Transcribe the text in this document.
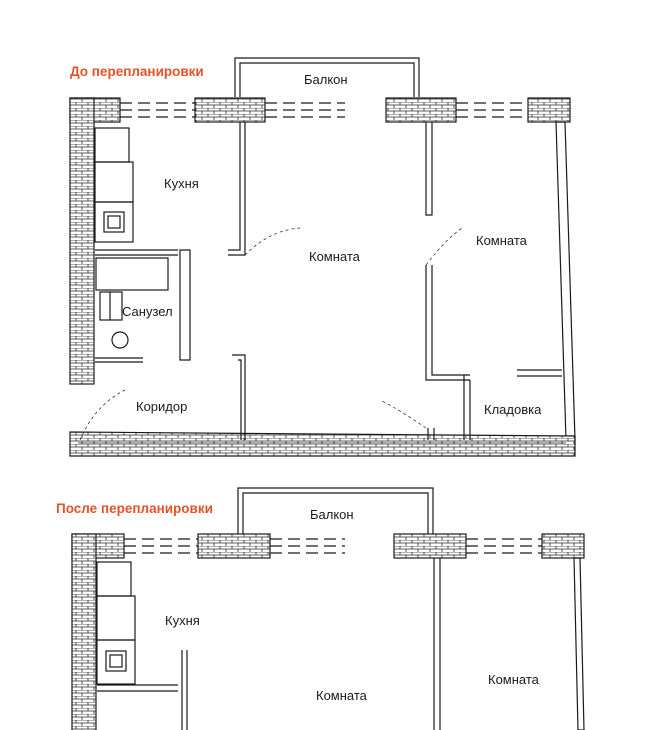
До перепланировки
После перепланировки
Балкон
Кухня
Комната
Комната
Санузел
Коридор	Кладовка
Балкон
Кухня
Комната
Комната
